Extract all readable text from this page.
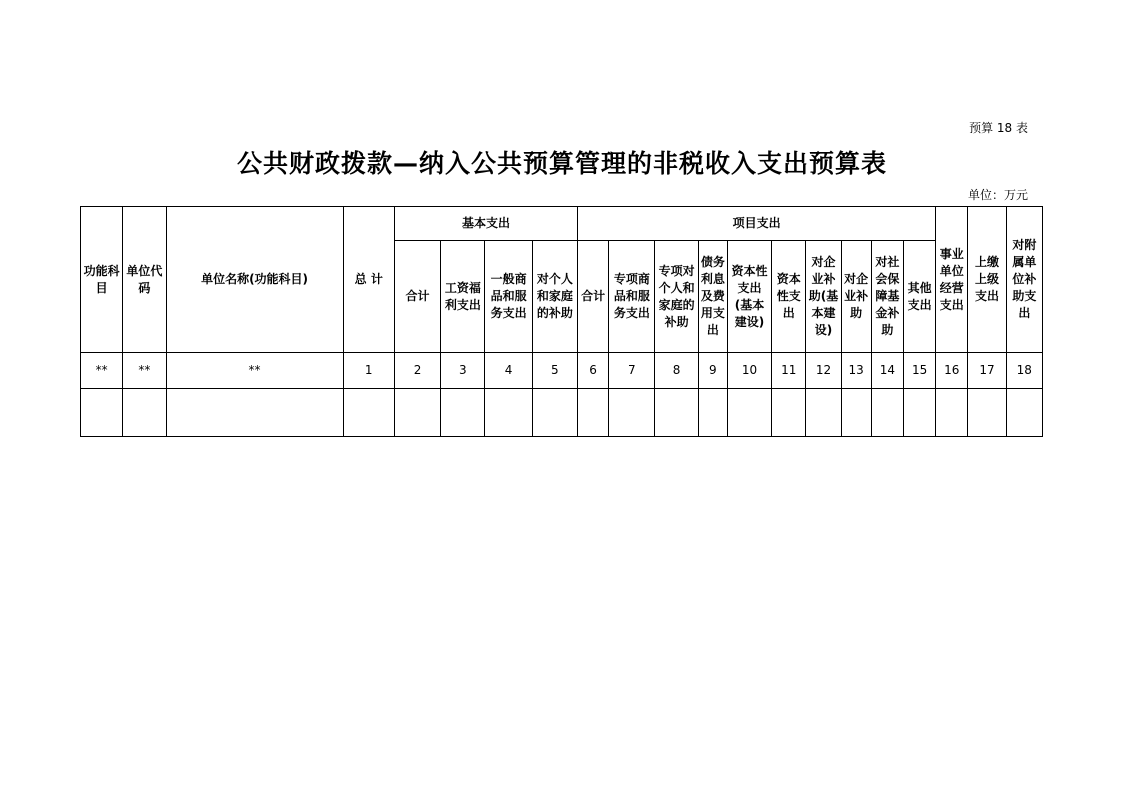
预算 18 表
公共财政拨款—纳入公共预算管理的非税收入支出预算表
单位：万元
功能科目	单位代码	单位名称(功能科目)	总 计	基本支出				项目支出										事业单位经营支出	上缴上级支出	对附属单位补助支出
				合计	工资福利支出	一般商品和服务支出	对个人和家庭的补助	合计	专项商品和服务支出	专项对个人和家庭的补助	债务利息及费用支出	资本性支出(基本建设)	资本性支出	对企业补助(基本建设)	对企业补助	对社会保障基金补助	其他支出			
**	**	**	1	2	3	4	5	6	7	8	9	10	11	12	13	14	15	16	17	18
